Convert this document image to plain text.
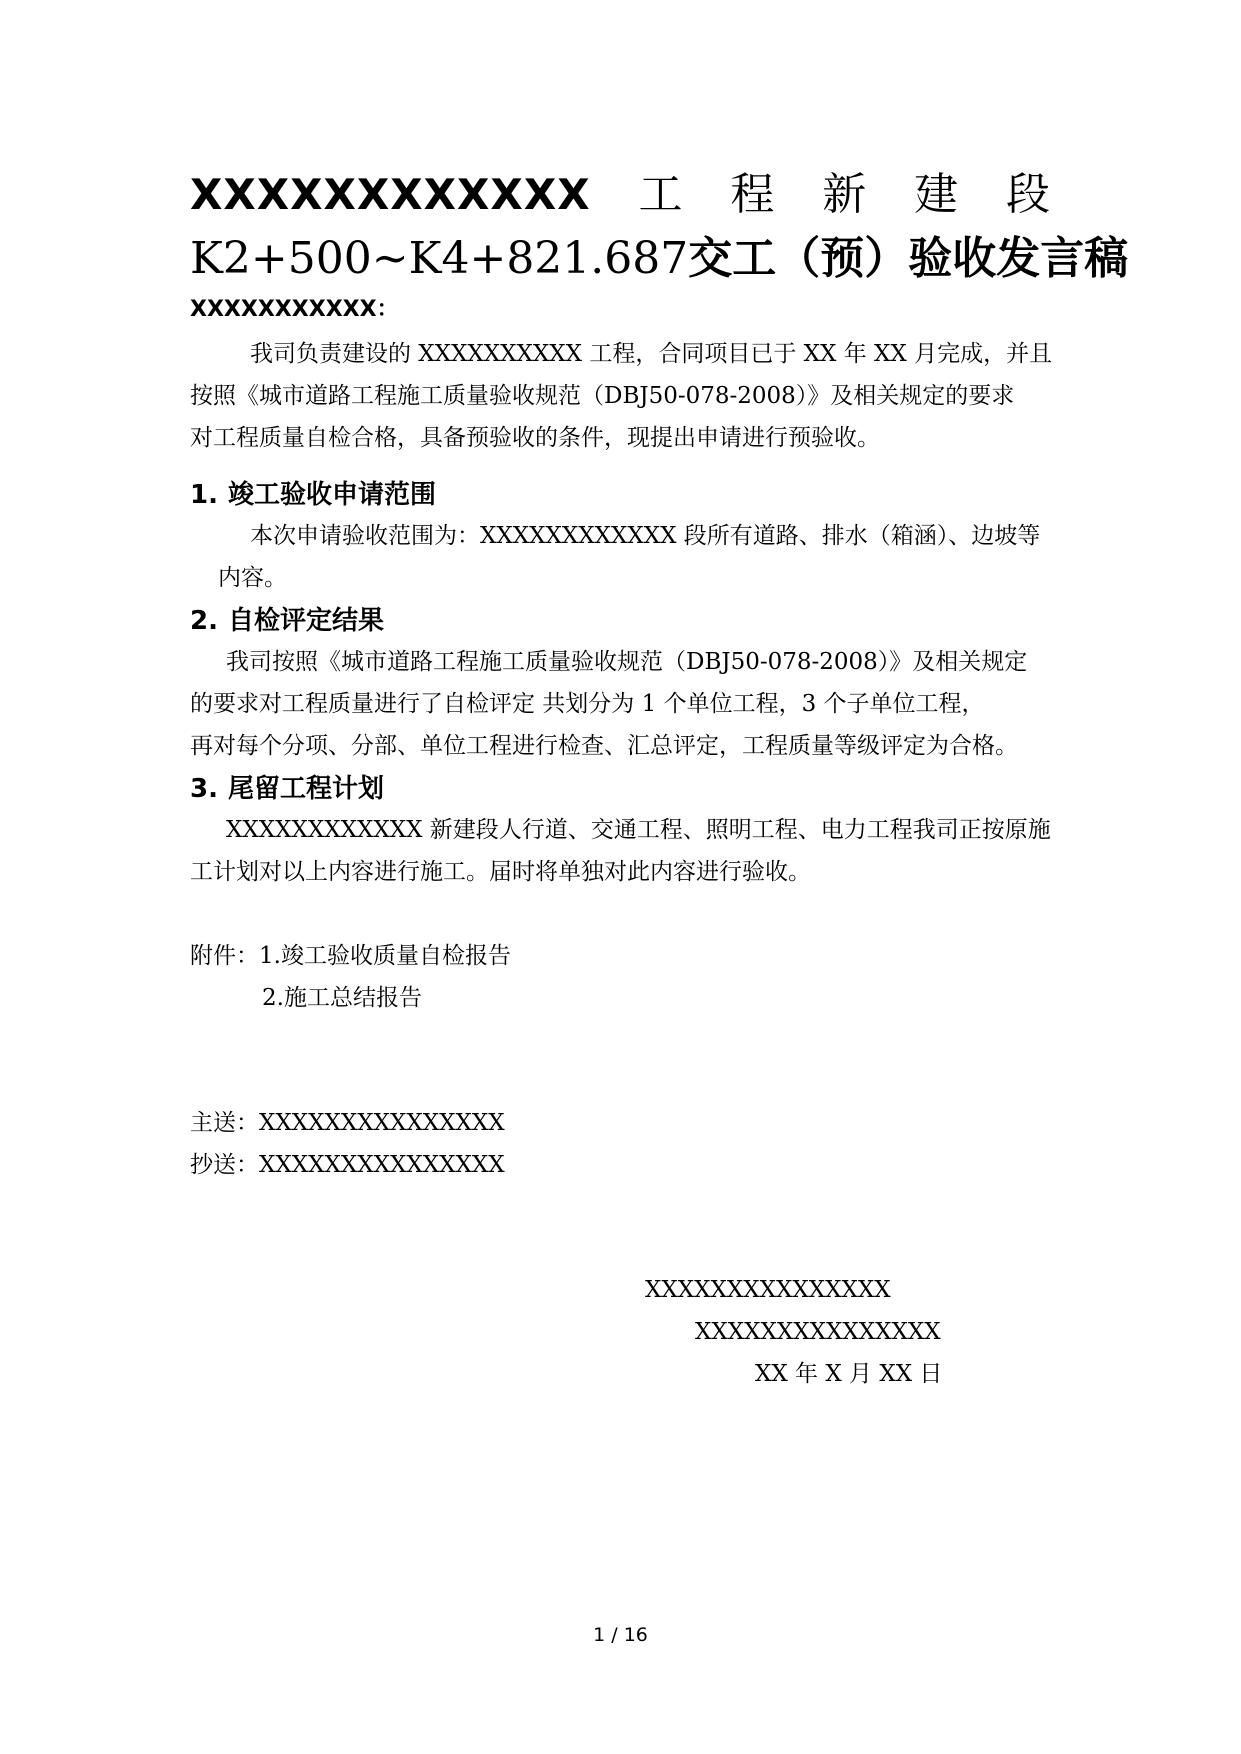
XXXXXXXXXXXX 工 程 新 建 段
K2+500~K4+821.687交工（预）验收发言稿
XXXXXXXXXXX：
我司负责建设的 XXXXXXXXXX 工程，合同项目已于 XX 年 XX 月完成，并且
按照《城市道路工程施工质量验收规范（DBJ50-078-2008）》及相关规定的要求
对工程质量自检合格，具备预验收的条件，现提出申请进行预验收。
1. 竣工验收申请范围
本次申请验收范围为：XXXXXXXXXXXX 段所有道路、排水（箱涵）、边坡等
内容。
2. 自检评定结果
我司按照《城市道路工程施工质量验收规范（DBJ50-078-2008）》及相关规定
的要求对工程质量进行了自检评定 共划分为 1 个单位工程，3 个子单位工程，
再对每个分项、分部、单位工程进行检查、汇总评定，工程质量等级评定为合格。
3. 尾留工程计划
XXXXXXXXXXXX 新建段人行道、交通工程、照明工程、电力工程我司正按原施
工计划对以上内容进行施工。届时将单独对此内容进行验收。
附件：1.竣工验收质量自检报告
2.施工总结报告
主送：XXXXXXXXXXXXXXX
抄送：XXXXXXXXXXXXXXX
XXXXXXXXXXXXXXX
XXXXXXXXXXXXXXX
XX 年 X 月 XX 日
1 / 16
